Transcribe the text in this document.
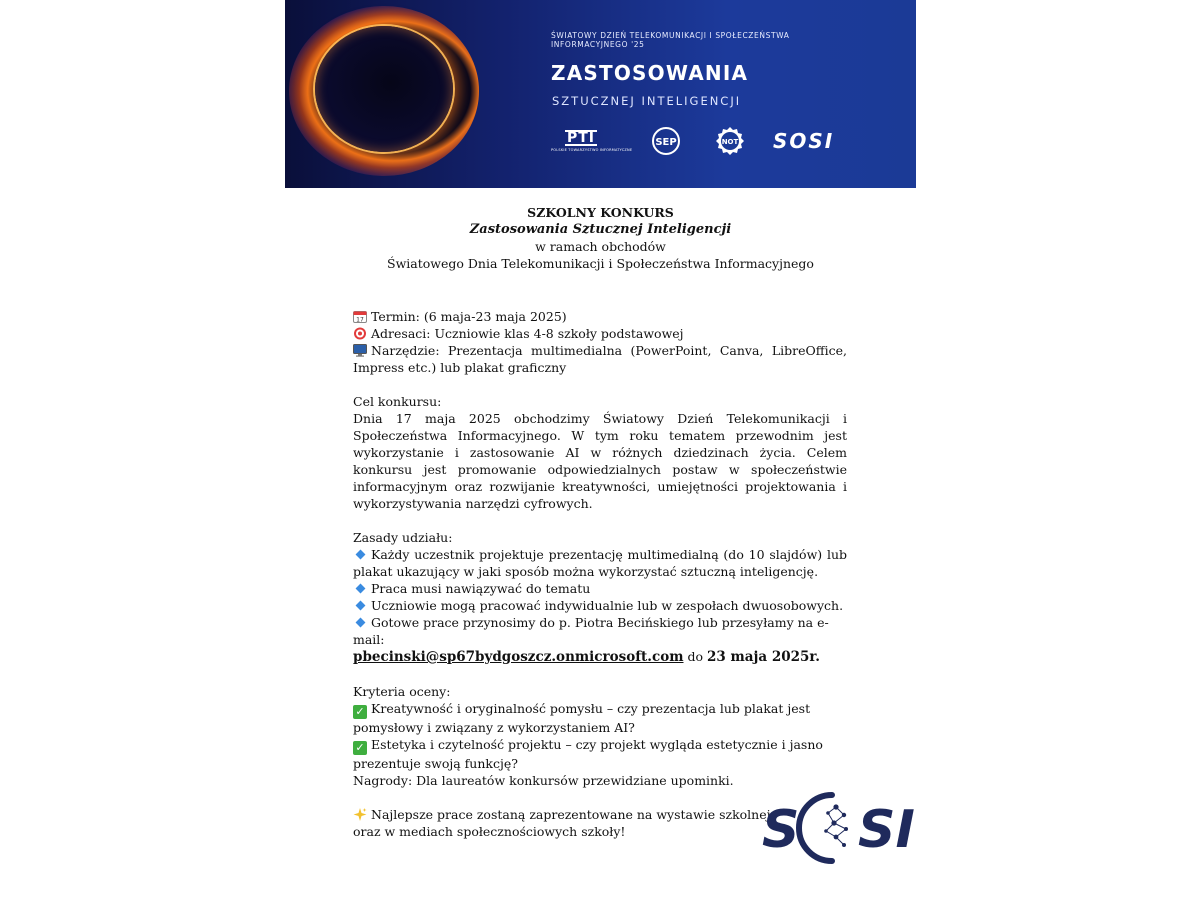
ŚWIATOWY DZIEŃ TELEKOMUNIKACJI I SPOŁECZEŃSTWA
INFORMACYJNEGO '25
ZASTOSOWANIA
SZTUCZNEJ INTELIGENCJI
PTI
POLSKIE TOWARZYSTWO INFORMATYCZNE
SEP	NOT SOSI
SZKOLNY KONKURS
Zastosowania Sztucznej Inteligencji
w ramach obchodów
Światowego Dnia Telekomunikacji i Społeczeństwa Informacyjnego

17 Termin: (6 maja-23 maja 2025)

Adresaci: Uczniowie klas 4-8 szkoły podstawowej

Narzędzie: Prezentacja multimedialna (PowerPoint, Canva, LibreOffice, Impress etc.) lub plakat graficzny

Cel konkursu:

Dnia 17 maja 2025 obchodzimy Światowy Dzień Telekomunikacji i Społeczeństwa Informacyjnego. W tym roku tematem przewodnim jest wykorzystanie i zastosowanie AI w różnych dziedzinach życia. Celem konkursu jest promowanie odpowiedzialnych postaw w społeczeństwie informacyjnym oraz rozwijanie kreatywności, umiejętności projektowania i wykorzystywania narzędzi cyfrowych.

Zasady udziału:

Każdy uczestnik projektuje prezentację multimedialną (do 10 slajdów) lub plakat ukazujący w jaki sposób można wykorzystać sztuczną inteligencję.

Praca musi nawiązywać do tematu

Uczniowie mogą pracować indywidualnie lub w zespołach dwuosobowych.

Gotowe prace przynosimy do p. Piotra Becińskiego lub przesyłamy na e-mail:

pbecinski@sp67bydgoszcz.onmicrosoft.com do 23 maja 2025r.

Kryteria oceny:

✓ Kreatywność i oryginalność pomysłu – czy prezentacja lub plakat jest pomysłowy i związany z wykorzystaniem AI?

✓ Estetyka i czytelność projektu – czy projekt wygląda estetycznie i jasno prezentuje swoją funkcję?

Nagrody: Dla laureatów konkursów przewidziane upominki.

Najlepsze prace zostaną zaprezentowane na wystawie szkolnej

oraz w mediach społecznościowych szkoły!	S SI
